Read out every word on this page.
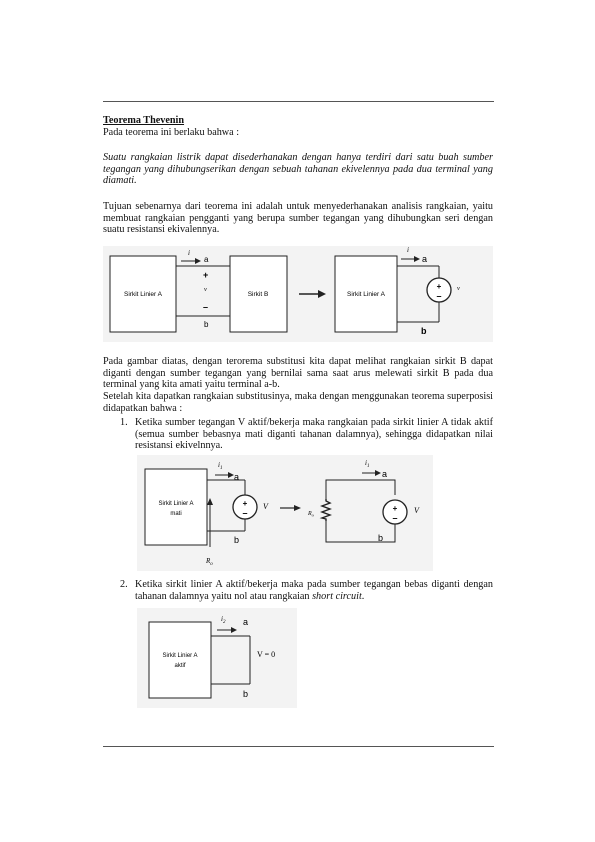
Teorema Thevenin

Pada teorema ini berlaku bahwa :

Suatu rangkaian listrik dapat disederhanakan dengan hanya terdiri dari satu buah sumber tegangan yang dihubungserikan dengan sebuah tahanan ekivelennya pada dua terminal yang diamati.

Tujuan sebenarnya dari teorema ini adalah untuk menyederhanakan analisis rangkaian, yaitu membuat rangkaian pengganti yang berupa sumber tegangan yang dihubungkan seri dengan suatu resistansi ekivalennya.

Sirkit Linier A
i
a
+
v
–
b
Sirkit B	Sirkit Linier A
+
–
i
a
b
v

Pada gambar diatas, dengan terorema substitusi kita dapat melihat rangkaian sirkit B dapat diganti dengan sumber tegangan yang bernilai sama saat arus melewati sirkit B pada dua terminal yang kita amati yaitu terminal a-b.

Setelah kita dapatkan rangkaian substitusinya, maka dengan menggunakan teorema superposisi didapatkan bahwa :

1. Ketika sumber tegangan V aktif/bekerja maka rangkaian pada sirkit linier A tidak aktif (semua sumber bebasnya mati diganti tahanan dalamnya), sehingga didapatkan nilai resistansi ekivelnnya.

Sirkit Linier A
mati
+
–
V
$i_1$
a
b
$R_o$
+
–
V
$i_1$
a
b
$R_o$
2. Ketika sirkit linier A aktif/bekerja maka pada sumber tegangan bebas diganti dengan tahanan dalamnya yaitu nol atau rangkaian short circuit.

Sirkit Linier A
aktif
$i_2$ a
b
V = 0
